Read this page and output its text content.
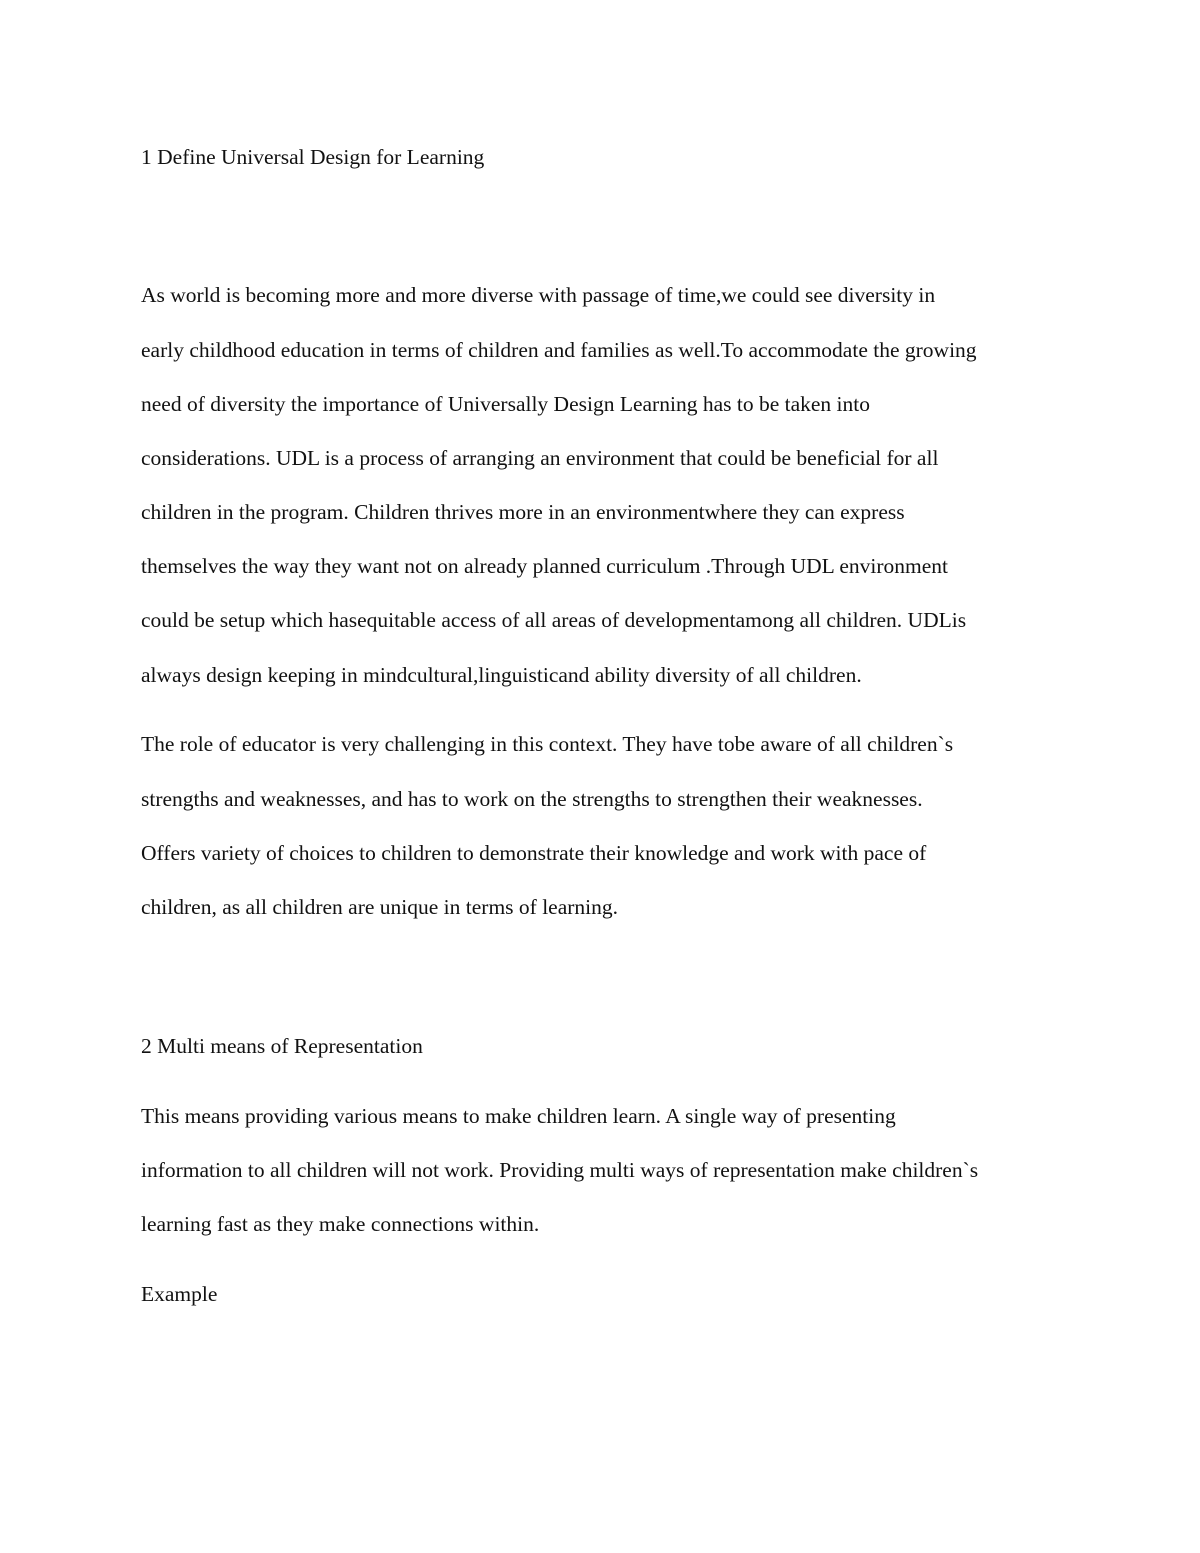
1 Define Universal Design for Learning
As world is becoming more and more diverse with passage of time,we could see diversity in
early childhood education in terms of children and families as well.To accommodate the growing
need of diversity the importance of Universally Design Learning has to be taken into
considerations. UDL is a process of arranging an environment that could be beneficial for all
children in the program. Children thrives more in an environmentwhere they can express
themselves the way they want not on already planned curriculum .Through UDL environment
could be setup which hasequitable access of all areas of developmentamong all children. UDLis
always design keeping in mindcultural,linguisticand ability diversity of all children.
The role of educator is very challenging in this context. They have tobe aware of all children`s
strengths and weaknesses, and has to work on the strengths to strengthen their weaknesses.
Offers variety of choices to children to demonstrate their knowledge and work with pace of
children, as all children are unique in terms of learning.
2 Multi means of Representation
This means providing various means to make children learn. A single way of presenting
information to all children will not work. Providing multi ways of representation make children`s
learning fast as they make connections within.
Example
